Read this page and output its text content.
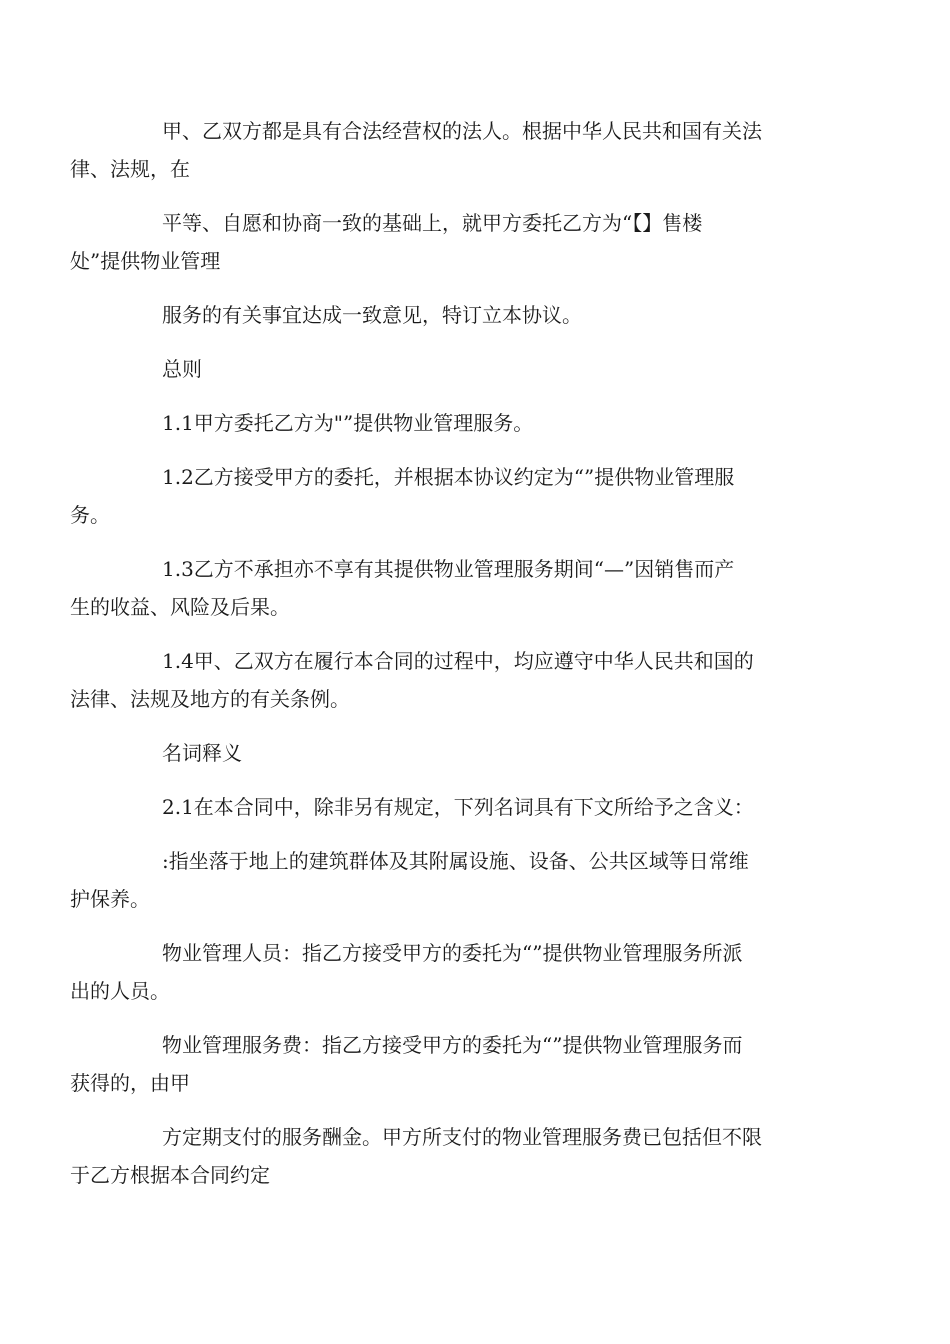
甲、乙双方都是具有合法经营权的法人。根据中华人民共和国有关法
律、法规，在

平等、自愿和协商一致的基础上，就甲方委托乙方为“【】售楼
处”提供物业管理

服务的有关事宜达成一致意见，特订立本协议。

总则

1.1甲方委托乙方为"”提供物业管理服务。

1.2乙方接受甲方的委托，并根据本协议约定为“”提供物业管理服
务。

1.3乙方不承担亦不享有其提供物业管理服务期间“—”因销售而产
生的收益、风险及后果。

1.4甲、乙双方在履行本合同的过程中，均应遵守中华人民共和国的
法律、法规及地方的有关条例。

名词释义

2.1在本合同中，除非另有规定，下列名词具有下文所给予之含义：

:指坐落于地上的建筑群体及其附属设施、设备、公共区域等日常维
护保养。

物业管理人员：指乙方接受甲方的委托为“”提供物业管理服务所派
出的人员。

物业管理服务费：指乙方接受甲方的委托为“”提供物业管理服务而
获得的，由甲

方定期支付的服务酬金。甲方所支付的物业管理服务费已包括但不限
于乙方根据本合同约定
